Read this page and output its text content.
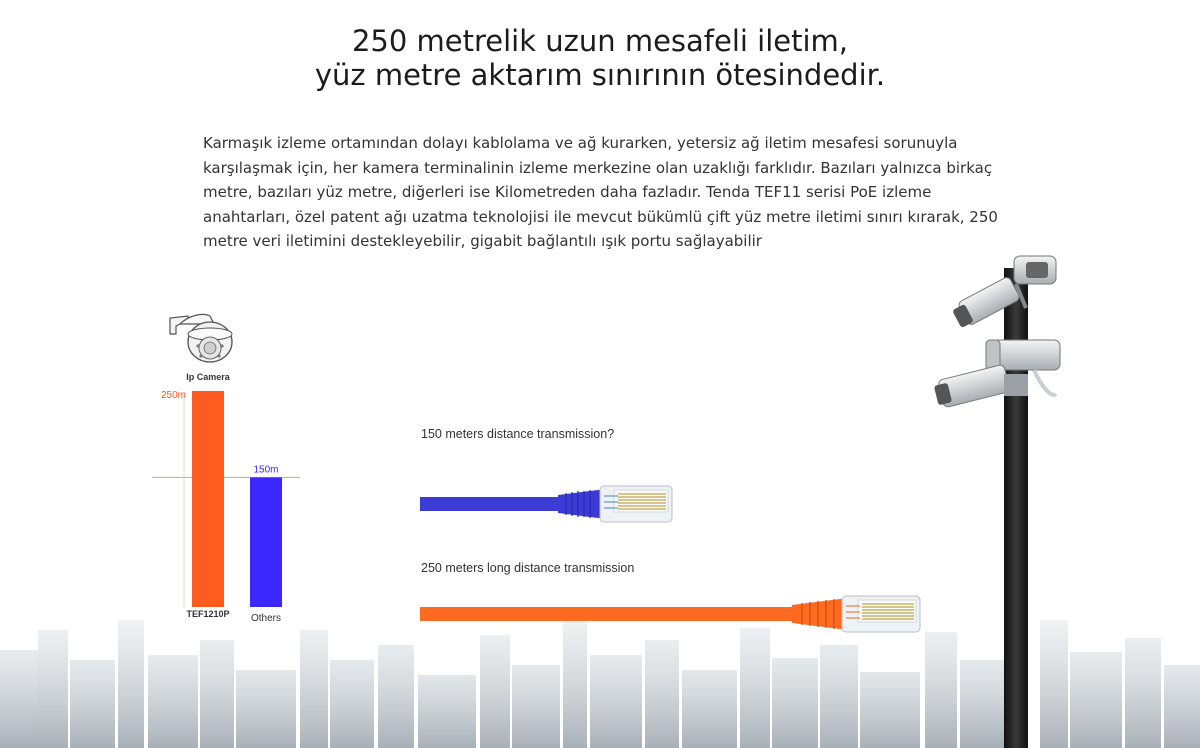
250 metrelik uzun mesafeli iletim,
yüz metre aktarım sınırının ötesindedir.

Karmaşık izleme ortamından dolayı kablolama ve ağ kurarken, yetersiz ağ iletim mesafesi sorunuyla karşılaşmak için, her kamera terminalinin izleme merkezine olan uzaklığı farklıdır. Bazıları yalnızca birkaç metre, bazıları yüz metre, diğerleri ise Kilometreden daha fazladır. Tenda TEF11 serisi PoE izleme anahtarları, özel patent ağı uzatma teknolojisi ile mevcut bükümlü çift yüz metre iletimi sınırı kırarak, 250 metre veri iletimini destekleyebilir, gigabit bağlantılı ışık portu sağlayabilir

Ip Camera
250m
TEF1210P
150m
Others
150 meters distance transmission?
250 meters long distance transmission
